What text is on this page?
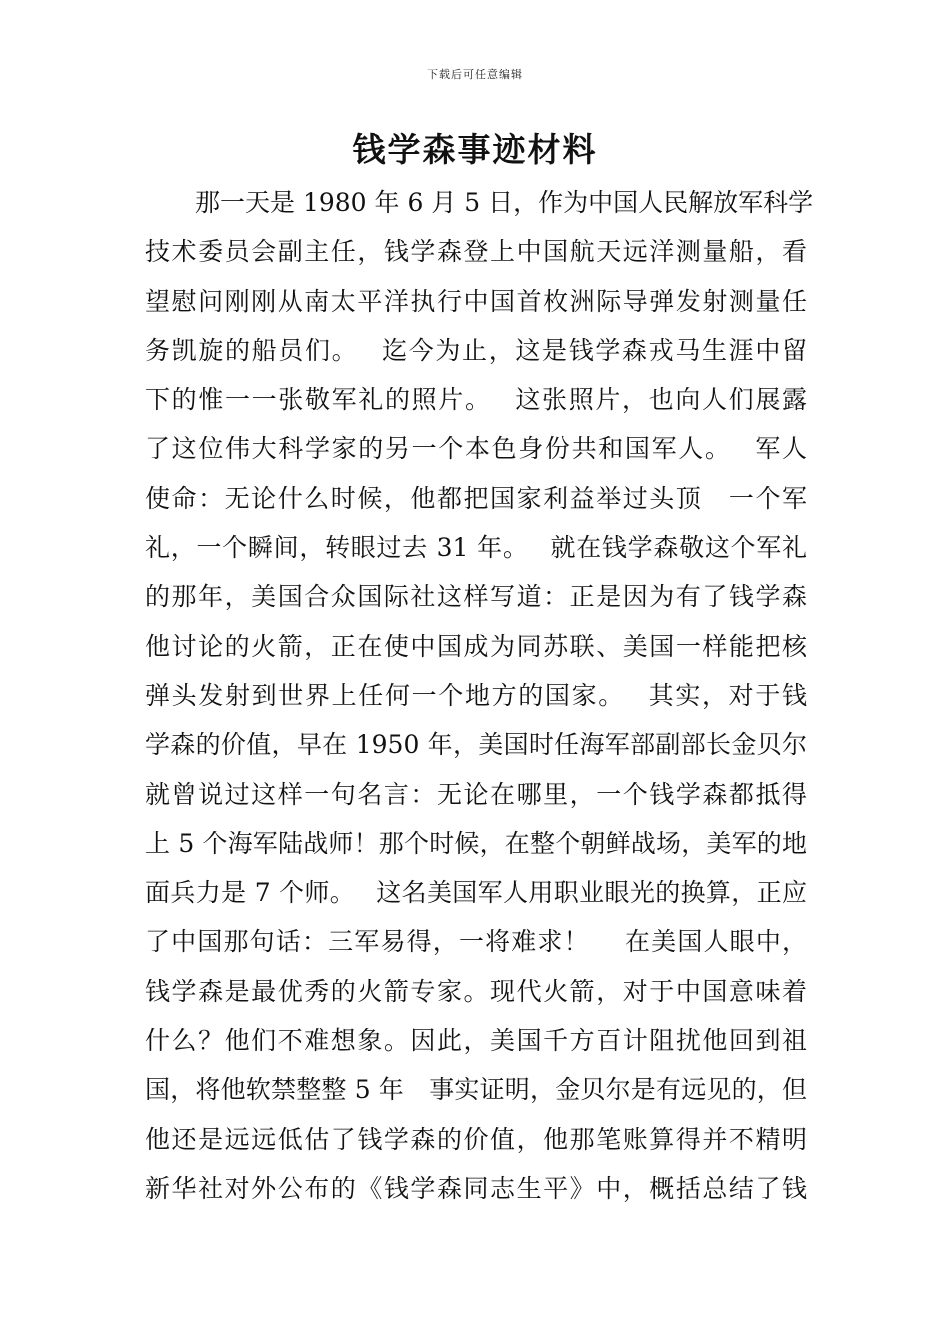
下载后可任意编辑
钱学森事迹材料
那一天是 1980 年 6 月 5 日，作为中国人民解放军科学
技术委员会副主任，钱学森登上中国航天远洋测量船，看
望慰问刚刚从南太平洋执行中国首枚洲际导弹发射测量任
务凯旋的船员们。　 迄今为止，这是钱学森戎马生涯中留
下的惟一一张敬军礼的照片。　 这张照片，也向人们展露
了这位伟大科学家的另一个本色身份共和国军人。　 军人
使命：无论什么时候，他都把国家利益举过头顶　一个军
礼，一个瞬间，转眼过去 31 年。　 就在钱学森敬这个军礼
的那年，美国合众国际社这样写道：正是因为有了钱学森
他讨论的火箭，正在使中国成为同苏联、美国一样能把核
弹头发射到世界上任何一个地方的国家。　 其实，对于钱
学森的价值，早在 1950 年，美国时任海军部副部长金贝尔
就曾说过这样一句名言：无论在哪里，一个钱学森都抵得
上 5 个海军陆战师！那个时候，在整个朝鲜战场，美军的地
面兵力是 7 个师。　 这名美国军人用职业眼光的换算，正应
了中国那句话：三军易得，一将难求！　 在美国人眼中，
钱学森是最优秀的火箭专家。现代火箭，对于中国意味着
什么？他们不难想象。因此，美国千方百计阻扰他回到祖
国，将他软禁整整 5 年　事实证明，金贝尔是有远见的，但
他还是远远低估了钱学森的价值，他那笔账算得并不精明
新华社对外公布的《钱学森同志生平》中，概括总结了钱
